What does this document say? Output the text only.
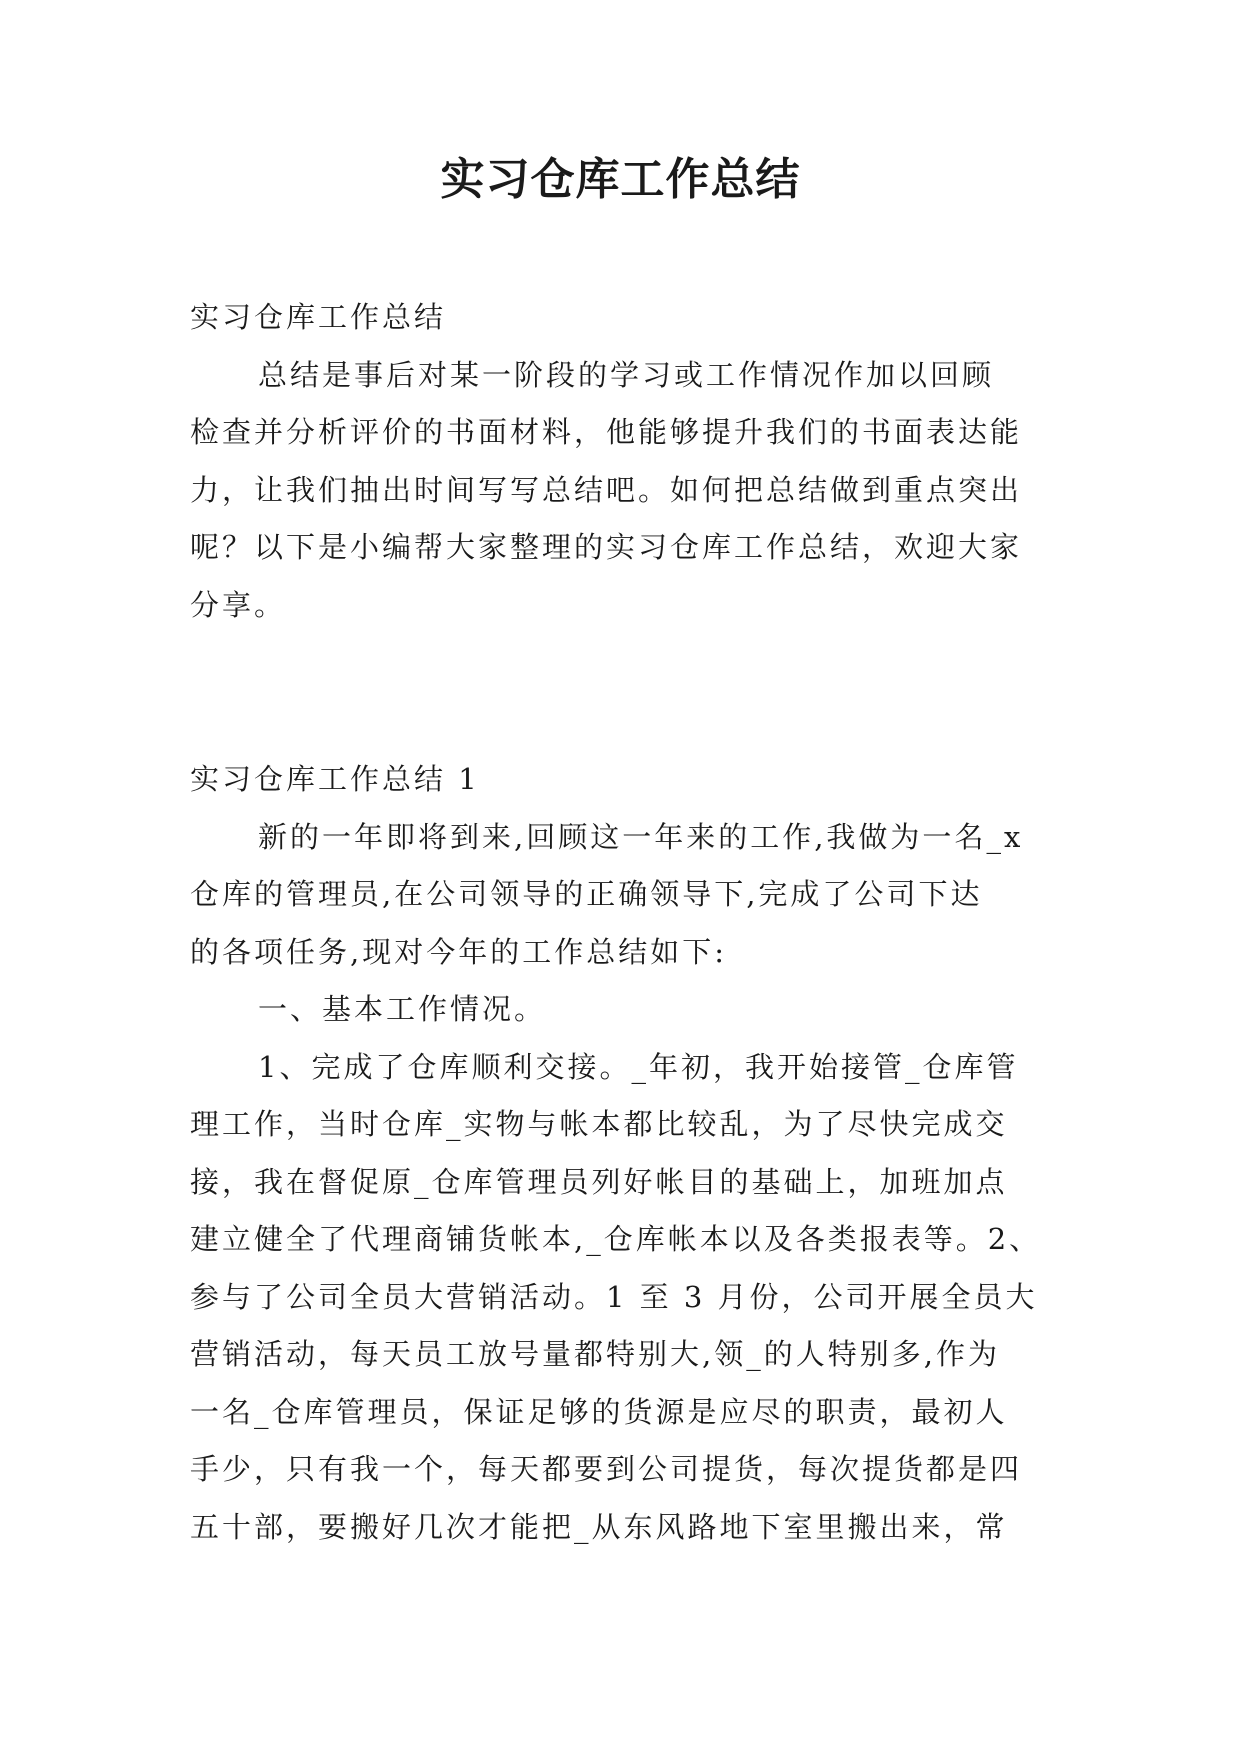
实习仓库工作总结
实习仓库工作总结
总结是事后对某一阶段的学习或工作情况作加以回顾
检查并分析评价的书面材料，他能够提升我们的书面表达能
力，让我们抽出时间写写总结吧。如何把总结做到重点突出
呢？以下是小编帮大家整理的实习仓库工作总结，欢迎大家
分享。
实习仓库工作总结 1
新的一年即将到来,回顾这一年来的工作,我做为一名_x
仓库的管理员,在公司领导的正确领导下,完成了公司下达
的各项任务,现对今年的工作总结如下:
一、基本工作情况。
1、完成了仓库顺利交接。_年初，我开始接管_仓库管
理工作，当时仓库_实物与帐本都比较乱，为了尽快完成交
接，我在督促原_仓库管理员列好帐目的基础上，加班加点
建立健全了代理商铺货帐本,_仓库帐本以及各类报表等。2、
参与了公司全员大营销活动。1 至 3 月份，公司开展全员大
营销活动，每天员工放号量都特别大,领_的人特别多,作为
一名_仓库管理员，保证足够的货源是应尽的职责，最初人
手少，只有我一个，每天都要到公司提货，每次提货都是四
五十部，要搬好几次才能把_从东风路地下室里搬出来，常
